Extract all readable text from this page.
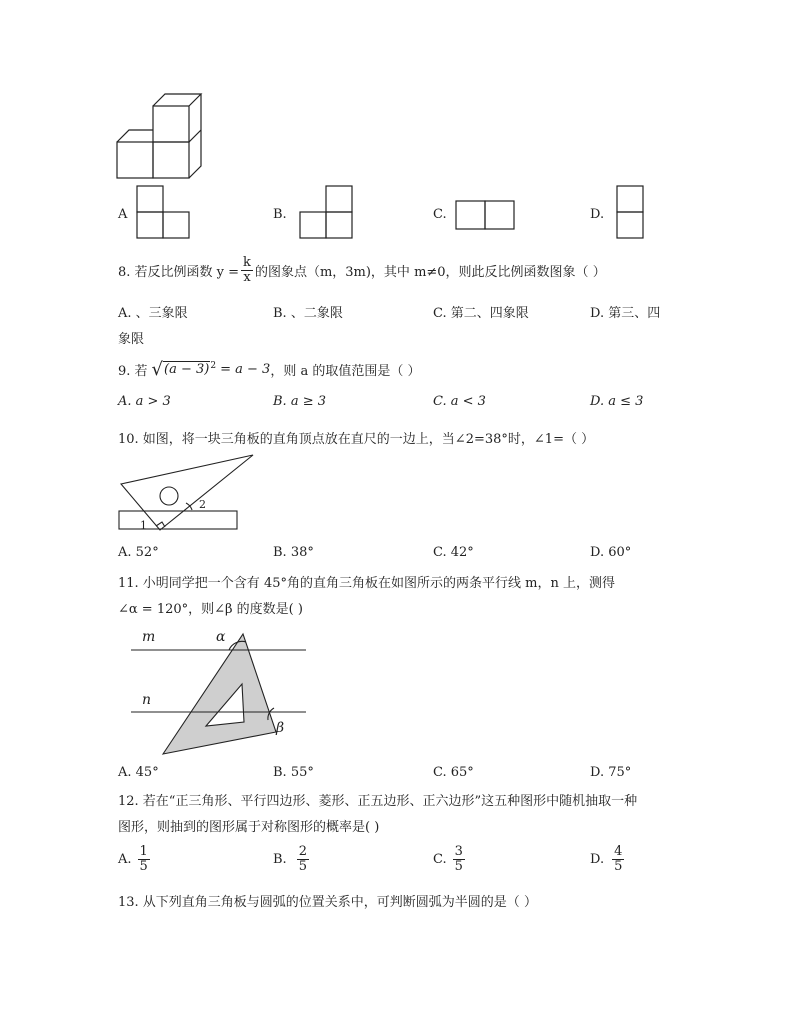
A	B.	C.	D.
8. 若反比例函数 $y = \frac{k}{x}$ 的图象点（m，3m)，其中 m≠0，则此反比例函数图象（ ）
A. 、三象限	B. 、二象限	C. 第二、四象限	D. 第三、四
象限
9. 若 √ $(a - 3)^2 = a - 3$ ，则 a 的取值范围是（ ）
A. a > 3	B. a ≥ 3	C. a < 3	D. a ≤ 3
10. 如图，将一块三角板的直角顶点放在直尺的一边上，当∠2=38°时，∠1=（ ）
1
2
A. 52°	B. 38°	C. 42°	D. 60°
11. 小明同学把一个含有 45°角的直角三角板在如图所示的两条平行线 m，n 上，测得
∠α = 120°，则∠β 的度数是( )
m
n
α
β
A. 45°	B. 55°	C. 65°	D. 75°
12. 若在“正三角形、平行四边形、菱形、正五边形、正六边形”这五种图形中随机抽取一种
图形，则抽到的图形属于对称图形的概率是( )
A. $\frac{1}{5}$	B. $\frac{2}{5}$	C. $\frac{3}{5}$	D. $\frac{4}{5}$
13. 从下列直角三角板与圆弧的位置关系中，可判断圆弧为半圆的是（ ）
